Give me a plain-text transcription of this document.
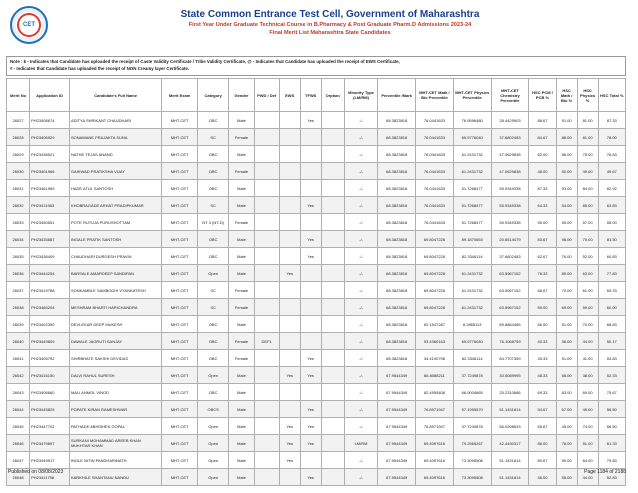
CET
State Common Entrance Test Cell, Government of Maharashtra
First Year Under Graduate Technical Course in B.Pharmacy & Post Graduate Pharm.D Admissions 2023-24
Final Merit List Maharashtra State Candidates
Note : $ - Indicates that Candidate has uploaded the receipt of Caste Validity Certificate / Tribe Validity Certificate, @ - Indicates that Candidate has uploaded the receipt of EWS Certificate,
# - Indicates that Candidate has uploaded the receipt of NON Creamy layer Certificate.
Merit No	Application ID	Candidate's Full Name	Merit Exam	Category	Gender	PWD / Def	EWS	TFWS	Orphan	Minority Type (LM/RM)	Percentile /Mark	MHT-CET Math / Bio Percentile	MHT-CET Physics Percentile	MHT-CET Chemistry Percentile	HSC PCM / PCB %	HSC Math / Bio %	HSC Physics %	HSC Total %
26027	PH23408674	ADITYA SHRIKANT CHAUDHARI	MHT-CET	OBC	Male			Yes		-/-	68.3823818	76.0441633	76.9596480	28.4429903	88.67	91.00	81.00	87.33
26028	PH23406929	SONAWANE PRAJAKTA SUNIL	MHT-CET	SC	Female					-/-	68.3823818	76.0441633	69.9776040	37.6802483	84.67	88.00	81.00	78.00
26029	PH23438521	NATHE TEJAS ANAND	MHT-CET	OBC	Male					-/-	68.3823818	76.0441633	61.2431732	47.0629838	82.00	86.00	75.00	76.83
26030	PH23401966	GAIKWAD PRATIKSHA VIJAY	MHT-CET	OBC	Female					-/-	68.3823818	76.0441633	61.2431732	47.0629838	48.00	50.00	49.00	49.67
26031	PH23461989	HADE ATUL SANTOSH	MHT-CET	OBC	Male					-/-	68.3823818	76.0441633	51.7268477	55.9349338	87.33	93.00	84.00	82.92
26032	PH23411983	KHOBRAGADE ARHAT PRADIPKUMAR	MHT-CET	SC	Male			Yes		-/-	68.3823818	76.0441633	51.7268477	55.9349338	64.33	54.00	85.00	63.83
26033	PH23450551	POTE RUTUJA PURUSHOTTAM	MHT-CET	NT 3 (NT-D)	Female					-/-	68.3823818	76.0441633	51.7268477	55.9349338	55.00	55.00	57.00	55.00
26034	PH23435887	INGALE PRATIK SANTOSH	MHT-CET	OBC	Male			Yes		-/-	68.3823818	69.8047228	89.1870653	20.6514479	83.67	98.00	70.00	81.50
26035	PH23436409	CHAUDHARI DURGESH PRAVIN	MHT-CET	OBC	Male			Yes		-/-	68.3823818	69.8047228	82.3346114	37.6802483	62.67	76.00	52.00	60.83
26036	PH23444254	BARSALE AMARDEEP SANDIPAN	MHT-CET	Open	Male		Yes			-/-	68.3823818	69.8047228	61.2431732	63.5967152	78.33	89.00	63.00	77.83
26037	PH23419788	SONKAMBLE SAMBODHI VYANKATESH	MHT-CET	SC	Female					-/-	68.3823818	69.8047228	61.2431732	63.5967152	68.67	70.00	61.00	65.33
26038	PH23465204	MESHRAM BHARTI HARICHANDRA	MHT-CET	SC	Female					-/-	68.3823818	69.8047228	61.2431732	63.5967152	59.00	69.00	59.00	60.00
26039	PH23402350	DEVLEKAR DEEP MUKESH	MHT-CET	OBC	Male					-/-	68.3823818	62.1547287	8.2865113	89.8864485	66.00	81.00	70.00	68.83
26040	PH23449809	DAWALE JAGRUTI SANJAY	MHT-CET	OBC	Female	DEF1				-/-	68.3823818	53.4360163	69.9776040	76.1068759	40.33	36.00	44.00	50.17
26041	PH23405792	SHIRBHATE SAKSHI DEVIDAS	MHT-CET	OBC	Female			Yes		-/-	68.3823818	34.4190798	82.3346114	84.7707359	45.33	51.00	41.00	53.83
26042	PH23416150	DALVI RAHUL SURESH	MHT-CET	Open	Male		Yes	Yes		-/-	67.9544349	86.8088211	37.7249878	33.5089995	48.33	58.00	38.00	52.33
26043	PH23406660	MALI ANMOL VINOD	MHT-CET	OBC	Male					-/-	67.9544349	82.4955408	66.0004865	25.2310686	69.33	83.00	69.00	75.67
26044	PH23445825	POPATE KIRAN RAMESHWAR	MHT-CET	OBCS	Male			Yes		-/-	67.9544349	76.8971947	57.1955570	51.1431814	54.67	67.00	45.00	56.50
26045	PH23447702	PATHADE ABHISHEK GOPAL	MHT-CET	Open	Male		Yes	Yes		-/-	67.9544349	76.8971947	37.7249878	66.0208633	65.67	49.00	74.00	66.50
26046	PH23479897	SURKANI MOHAMMAD AREEB KHAN MUKHTAR KHAN	MHT-CET	Open	Male		Yes	Yes		LM/RM	67.9544349	69.4097616	79.2565267	42.4430317	86.00	78.00	51.00	61.33
26047	PH23449917	INGLE NITIN PANDHARINATH	MHT-CET	Open	Male		Yes			-/-	67.9544349	69.4097616	73.3095508	51.1431814	80.67	90.00	64.00	79.83
26048	PH23411758	KARKHILE SHANTANU NANDU	MHT-CET	Open	Male			Yes		-/-	67.9544349	69.4097616	73.3095508	51.1431814	46.00	55.00	44.00	52.83
Published on 08/08/2023	Page 1184 of 2188
